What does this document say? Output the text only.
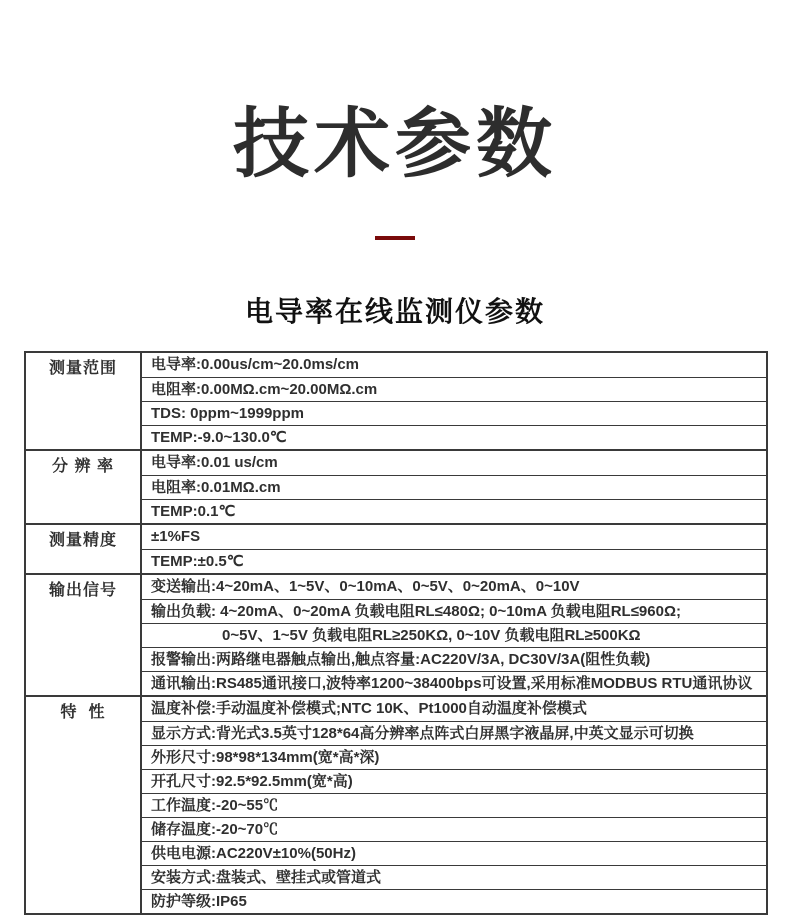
技术参数
电导率在线监测仪参数
测量范围	电导率:0.00us/cm~20.0ms/cm
电阻率:0.00MΩ.cm~20.00MΩ.cm
TDS: 0ppm~1999ppm
TEMP:-9.0~130.0℃
分 辨 率	电导率:0.01 us/cm
电阻率:0.01MΩ.cm
TEMP:0.1℃
测量精度	±1%FS
TEMP:±0.5℃
输出信号	变送输出:4~20mA、1~5V、0~10mA、0~5V、0~20mA、0~10V
输出负载: 4~20mA、0~20mA 负载电阻RL≤480Ω; 0~10mA 负载电阻RL≤960Ω;
0~5V、1~5V 负载电阻RL≥250KΩ, 0~10V 负载电阻RL≥500KΩ
报警输出:两路继电器触点输出,触点容量:AC220V/3A, DC30V/3A(阻性负载)
通讯输出:RS485通讯接口,波特率1200~38400bps可设置,采用标准MODBUS RTU通讯协议
特  性	温度补偿:手动温度补偿模式;NTC 10K、Pt1000自动温度补偿模式
显示方式:背光式3.5英寸128*64高分辨率点阵式白屏黑字液晶屏,中英文显示可切换
外形尺寸:98*98*134mm(宽*高*深)
开孔尺寸:92.5*92.5mm(宽*高)
工作温度:-20~55℃
储存温度:-20~70℃
供电电源:AC220V±10%(50Hz)
安装方式:盘装式、壁挂式或管道式
防护等级:IP65
